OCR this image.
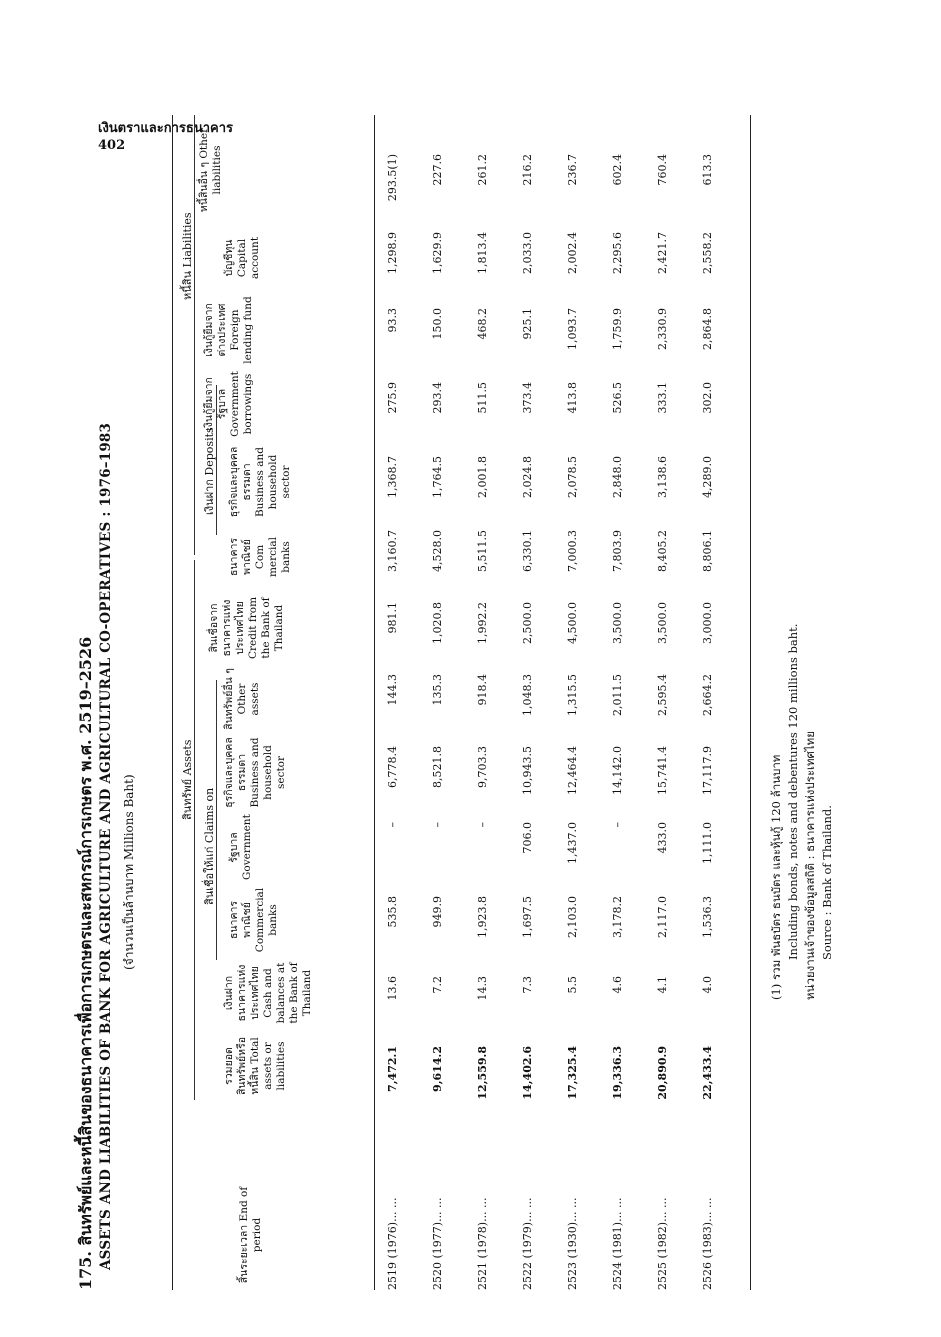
เงินตราและการธนาคาร
402
175. สินทรัพย์และหนี้สินของธนาคารเพื่อการเกษตรและสหกรณ์การเกษตร พ.ศ. 2519–2526 ASSETS AND LIABILITIES OF BANK FOR AGRICULTURE AND AGRICULTURAL CO-OPERATIVES : 1976–1983 (จำนวนเป็นล้านบาท Millions Baht)	สินทรัพย์ Assets
หนี้สิน Liabilities
สินเชื่อให้แก่ Claims on
เงินฝาก Deposits
สิ้นระยะเวลา End of period
รวมยอดสินทรัพย์หรือหนี้สิน Total assets or liabilities
เงินฝากธนาคารแห่งประเทศไทย Cash and balances at the Bank of Thailand
ธนาคารพาณิชย์ Commercial banks
รัฐบาล Government
ธุรกิจและบุคคลธรรมดา Business and household sector
สินทรัพย์อื่น ๆ Other assets
สินเชื่อจากธนาคารแห่งประเทศไทย Credit from the Bank of Thailand
ธนาคารพาณิชย์ Com mercial banks
ธุรกิจและบุคคลธรรมดา Business and household sector
เงินกู้ยืมจากรัฐบาล Government borrowings
เงินกู้ยืมจากต่างประเทศ Foreign lending fund
บัญชีทุน Capital account
หนี้สินอื่น ๆ Other liabilities
2519 (1976)... ...
7,472.1
13.6
535.8
–
6,778.4
144.3
981.1
3,160.7
1,368.7
275.9
93.3
1,298.9
293.5(1)
2520 (1977)... ...
9,614.2
7.2
949.9
–
8,521.8
135.3
1,020.8
4,528.0
1,764.5
293.4
150.0
1,629.9
227.6
2521 (1978)... ...
12,559.8
14.3
1,923.8
–
9,703.3
918.4
1,992.2
5,511.5
2,001.8
511.5
468.2
1,813.4
261.2
2522 (1979)... ...
14,402.6
7.3
1,697.5
706.0
10,943.5
1,048.3
2,500.0
6,330.1
2,024.8
373.4
925.1
2,033.0
216.2
2523 (1930)... ...
17,325.4
5.5
2,103.0
1,437.0
12,464.4
1,315.5
4,500.0
7,000.3
2,078.5
413.8
1,093.7
2,002.4
236.7
2524 (1981)... ...
19,336.3
4.6
3,178.2
–
14,142.0
2,011.5
3,500.0
7,803.9
2,848.0
526.5
1,759.9
2,295.6
602.4
2525 (1982)... ...
20,890.9
4.1
2,117.0
433.0
15,741.4
2,595.4
3,500.0
8,405.2
3,138.6
333.1
2,330.9
2,421.7
760.4
2526 (1983)... ...
22,433.4
4.0
1,536.3
1,111.0
17,117.9
2,664.2
3,000.0
8,806.1
4,289.0
302.0
2,864.8
2,558.2
613.3
(1) รวม พันธบัตร ธนบัตร และหุ้นกู้ 120 ล้านบาท Including bonds, notes and debentures 120 millions baht. หน่วยงานเจ้าของข้อมูลสถิติ : ธนาคารแห่งประเทศไทย Source : Bank of Thailand.
